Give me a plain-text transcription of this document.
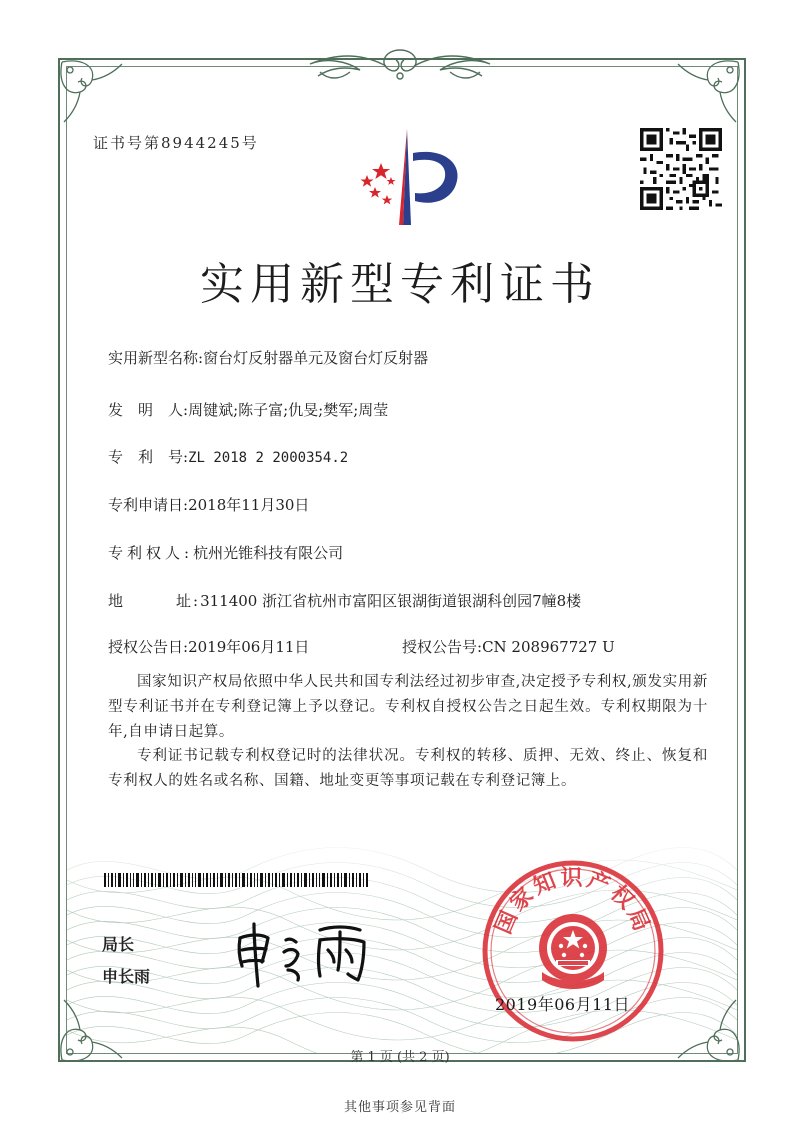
证书号第8944245号
实用新型专利证书
实用新型名称:窗台灯反射器单元及窗台灯反射器
发　明　人:周键斌;陈子富;仇旻;樊军;周莹
专　利　号:ZL 2018 2 2000354.2
专利申请日:2018年11月30日
专利权人:杭州光锥科技有限公司
地　　　址:311400 浙江省杭州市富阳区银湖街道银湖科创园7幢8楼
授权公告日:2019年06月11日	授权公告号:CN 208967727 U

国家知识产权局依照中华人民共和国专利法经过初步审查,决定授予专利权,颁发实用新型专利证书并在专利登记簿上予以登记。专利权自授权公告之日起生效。专利权期限为十年,自申请日起算。

专利证书记载专利权登记时的法律状况。专利权的转移、质押、无效、终止、恢复和专利权人的姓名或名称、国籍、地址变更等事项记载在专利登记簿上。

局长
申长雨
国家知识产权局
2019年06月11日
第 1 页 (共 2 页)
其他事项参见背面
